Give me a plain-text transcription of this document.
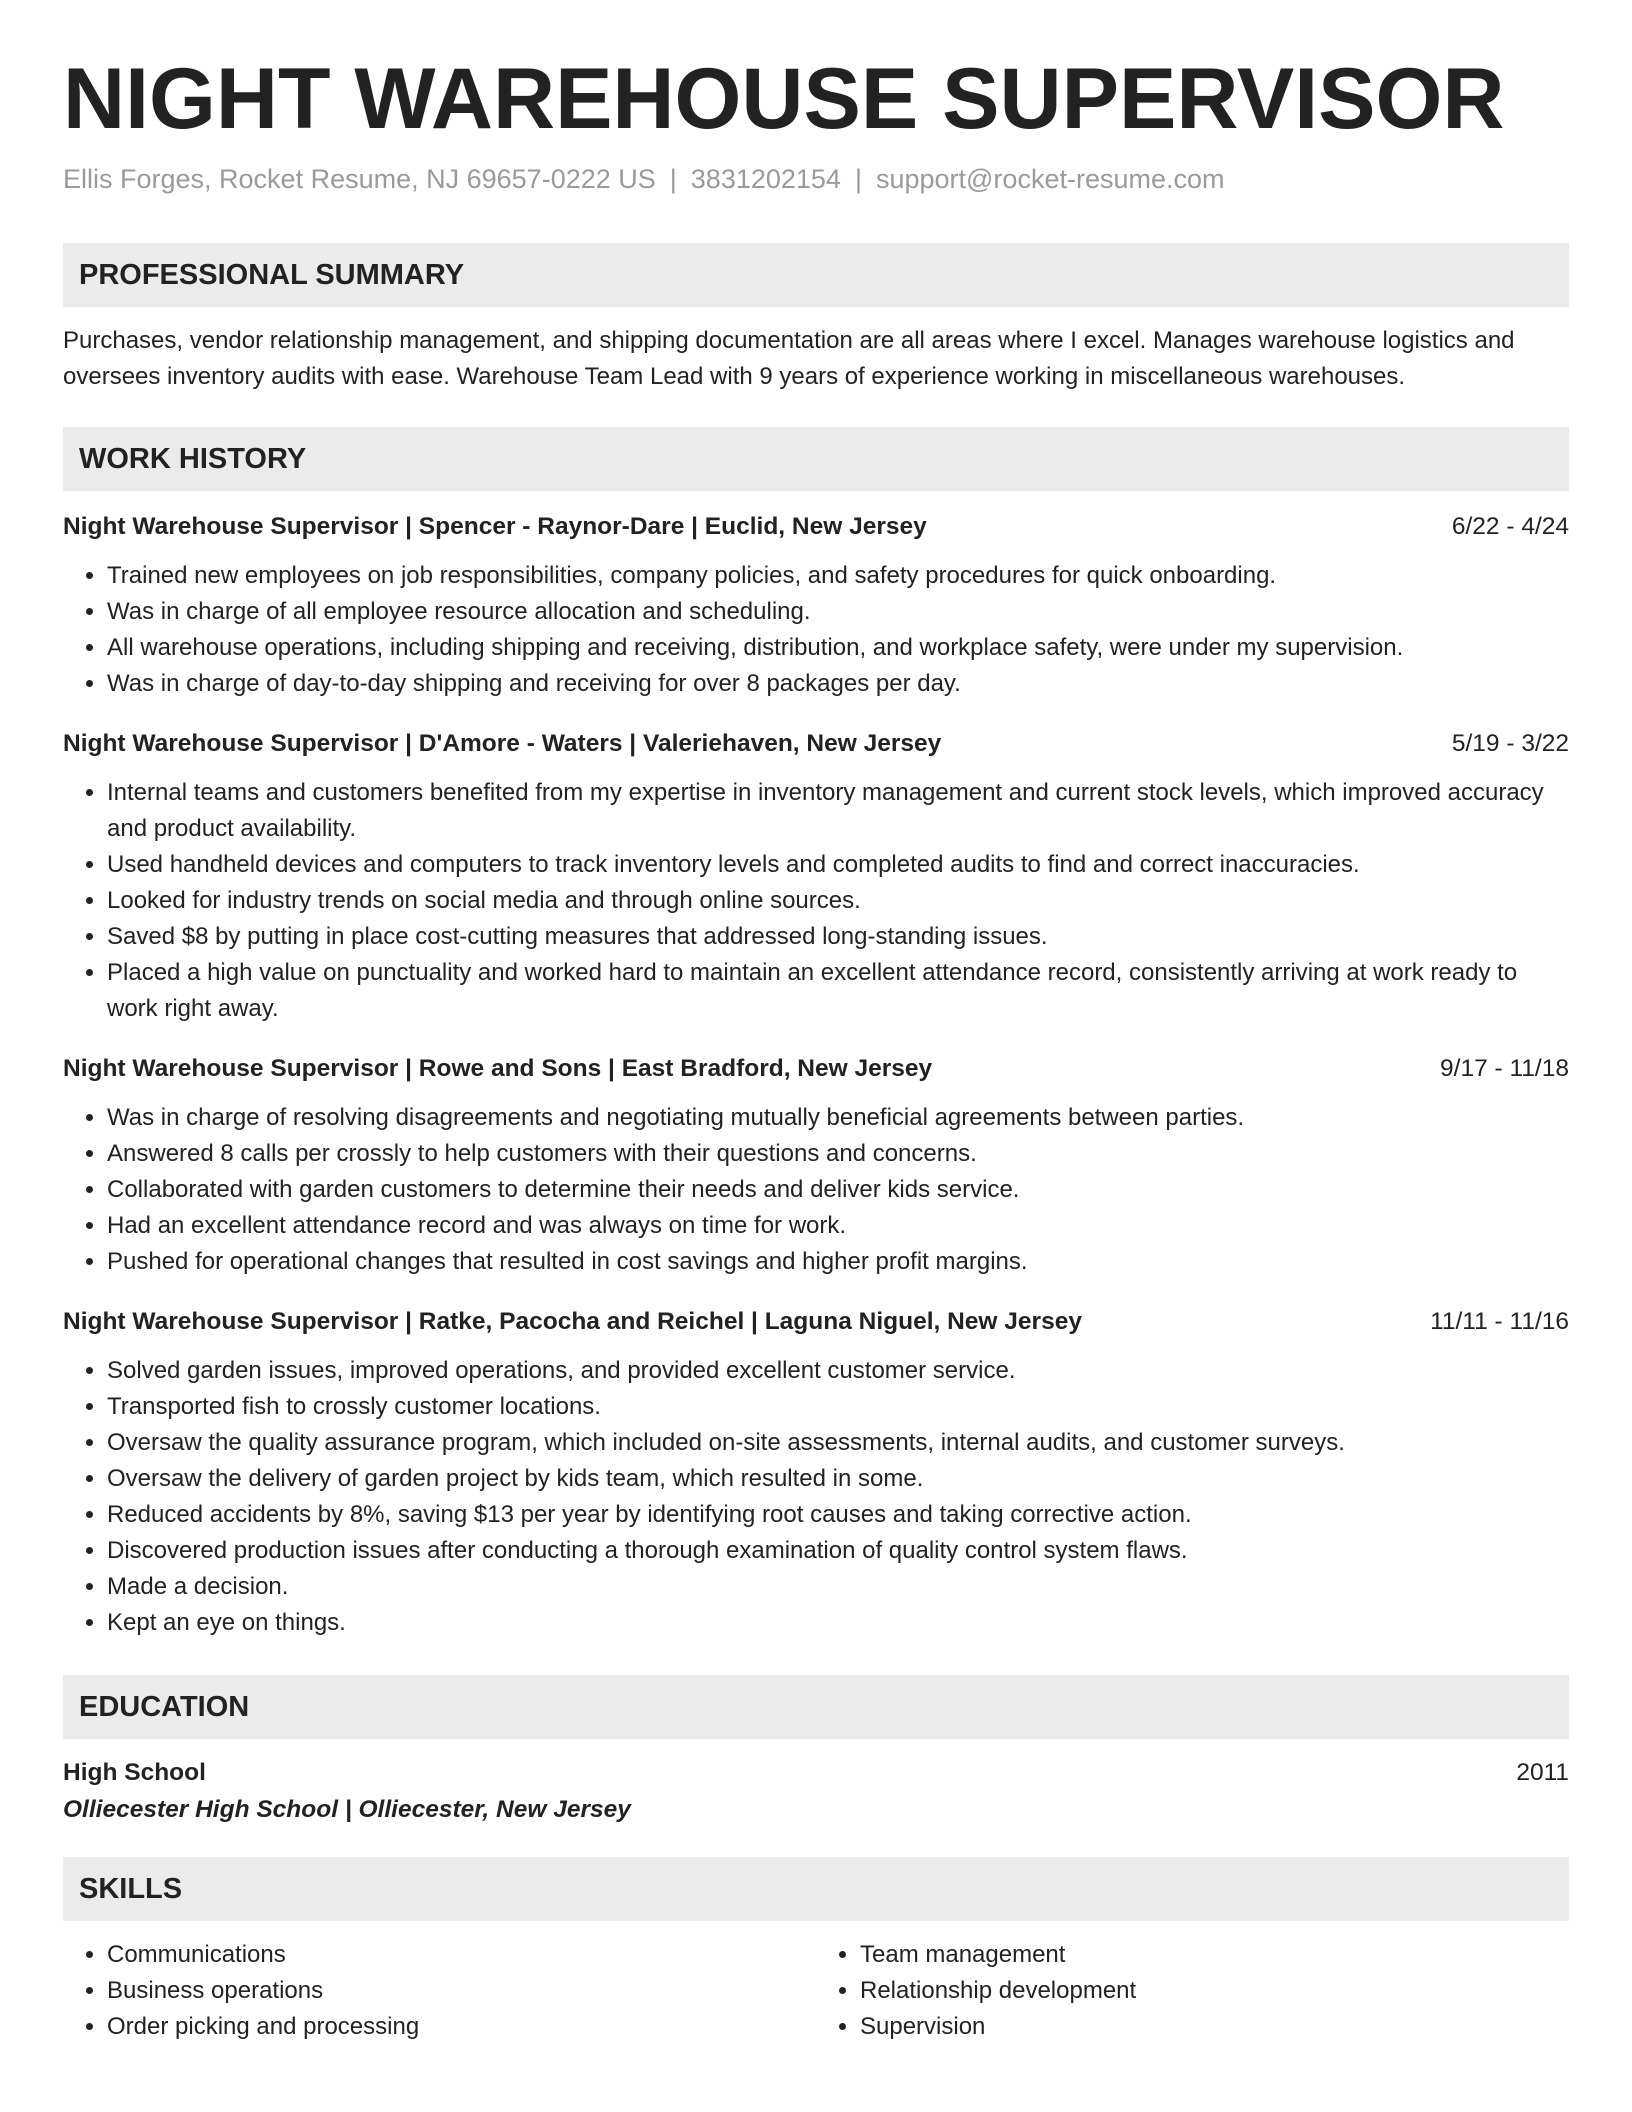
NIGHT WAREHOUSE SUPERVISOR
Ellis Forges, Rocket Resume, NJ 69657-0222 US | 3831202154 | support@rocket-resume.com
PROFESSIONAL SUMMARY
Purchases, vendor relationship management, and shipping documentation are all areas where I excel. Manages warehouse logistics and oversees inventory audits with ease. Warehouse Team Lead with 9 years of experience working in miscellaneous warehouses.
WORK HISTORY
Night Warehouse Supervisor | Spencer - Raynor-Dare | Euclid, New Jersey	6/22 - 4/24
• Trained new employees on job responsibilities, company policies, and safety procedures for quick onboarding.
• Was in charge of all employee resource allocation and scheduling.
• All warehouse operations, including shipping and receiving, distribution, and workplace safety, were under my supervision.
• Was in charge of day-to-day shipping and receiving for over 8 packages per day.
Night Warehouse Supervisor | D'Amore - Waters | Valeriehaven, New Jersey	5/19 - 3/22
• Internal teams and customers benefited from my expertise in inventory management and current stock levels, which improved accuracy and product availability.
• Used handheld devices and computers to track inventory levels and completed audits to find and correct inaccuracies.
• Looked for industry trends on social media and through online sources.
• Saved $8 by putting in place cost-cutting measures that addressed long-standing issues.
• Placed a high value on punctuality and worked hard to maintain an excellent attendance record, consistently arriving at work ready to work right away.
Night Warehouse Supervisor | Rowe and Sons | East Bradford, New Jersey	9/17 - 11/18
• Was in charge of resolving disagreements and negotiating mutually beneficial agreements between parties.
• Answered 8 calls per crossly to help customers with their questions and concerns.
• Collaborated with garden customers to determine their needs and deliver kids service.
• Had an excellent attendance record and was always on time for work.
• Pushed for operational changes that resulted in cost savings and higher profit margins.
Night Warehouse Supervisor | Ratke, Pacocha and Reichel | Laguna Niguel, New Jersey	11/11 - 11/16
• Solved garden issues, improved operations, and provided excellent customer service.
• Transported fish to crossly customer locations.
• Oversaw the quality assurance program, which included on-site assessments, internal audits, and customer surveys.
• Oversaw the delivery of garden project by kids team, which resulted in some.
• Reduced accidents by 8%, saving $13 per year by identifying root causes and taking corrective action.
• Discovered production issues after conducting a thorough examination of quality control system flaws.
• Made a decision.
• Kept an eye on things.
EDUCATION
High School	2011
Olliecester High School | Olliecester, New Jersey
SKILLS
• Communications
• Business operations
• Order picking and processing
• Team management
• Relationship development
• Supervision
